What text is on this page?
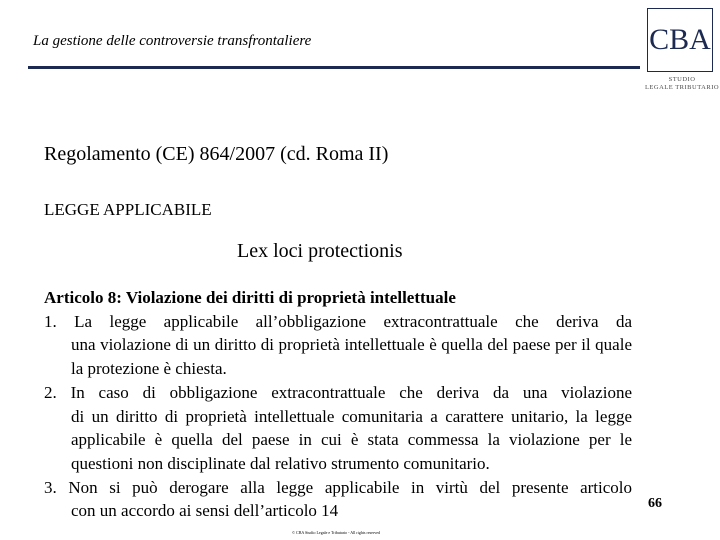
La gestione delle controversie transfrontaliere	CBA
STUDIO
LEGALE TRIBUTARIO
Regolamento (CE) 864/2007 (cd. Roma II)
LEGGE APPLICABILE
Lex loci protectionis
Articolo 8: Violazione dei diritti di proprietà intellettuale
1. La legge applicabile all’obbligazione extracontrattuale che deriva da
una violazione di un diritto di proprietà intellettuale è quella del paese per il quale la protezione è chiesta.
2. In caso di obbligazione extracontrattuale che deriva da una violazione
di un diritto di proprietà intellettuale comunitaria a carattere unitario, la legge applicabile è quella del paese in cui è stata commessa la violazione per le questioni non disciplinate dal relativo strumento comunitario.
3. Non si può derogare alla legge applicabile in virtù del presente articolo
con un accordo ai sensi dell’articolo 14	66
© CBA Studio Legale e Tributario - All rights reserved
